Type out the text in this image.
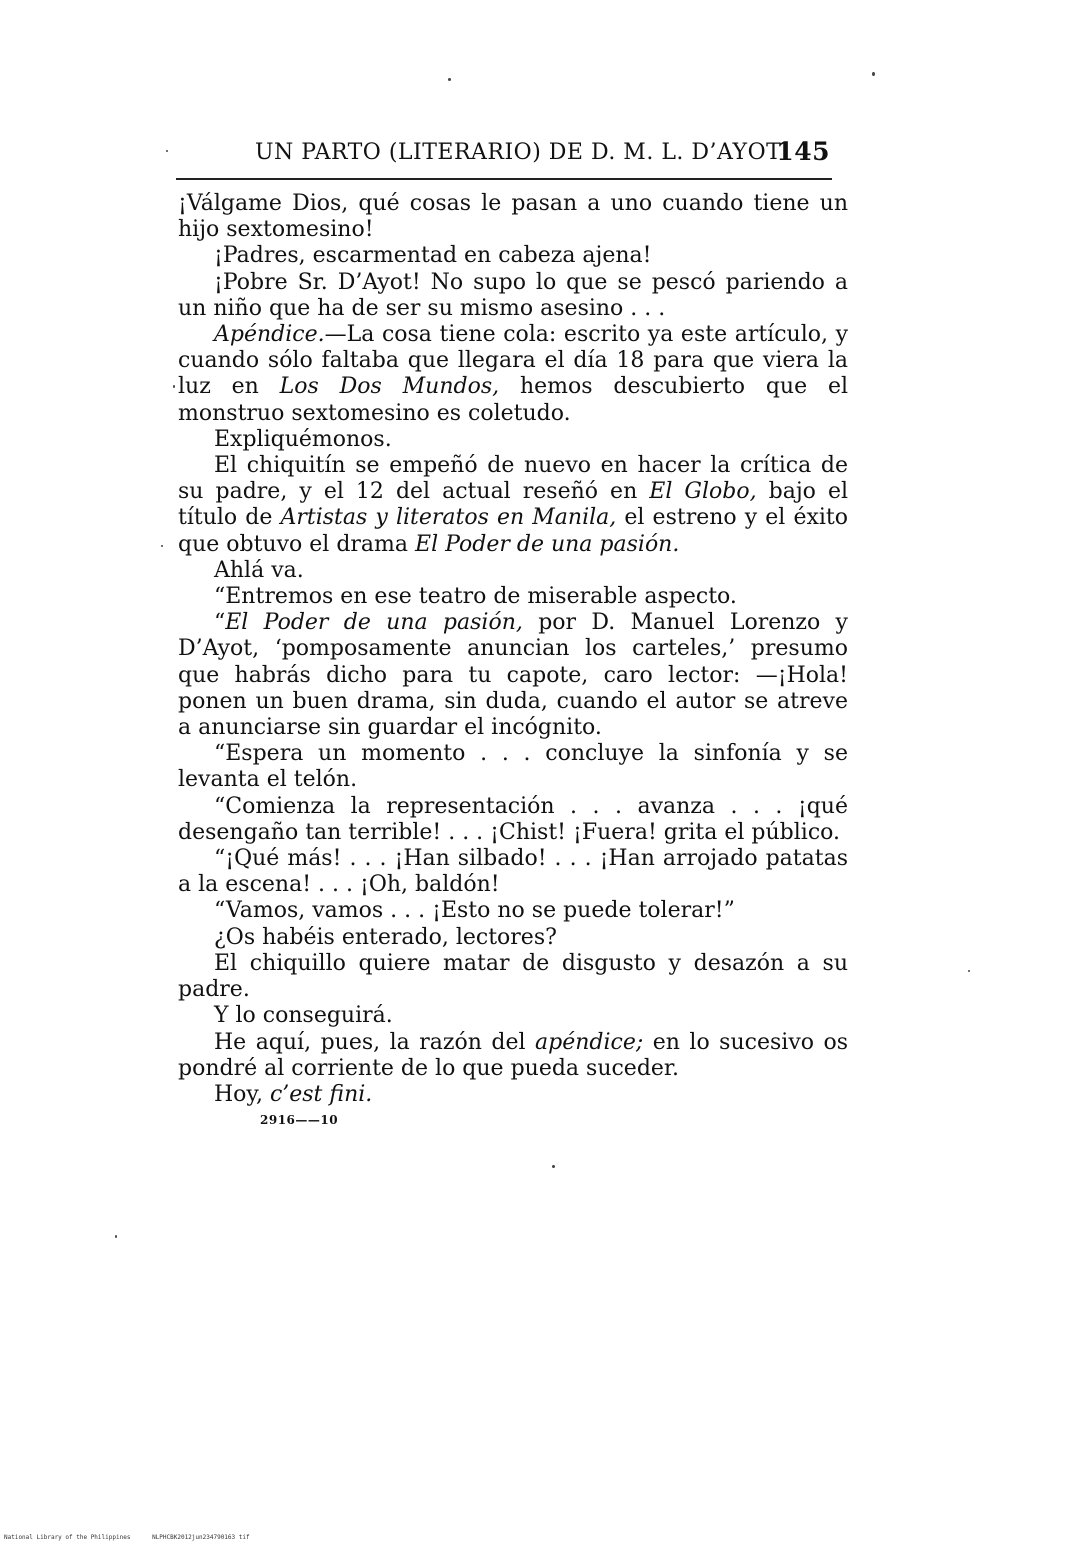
UN PARTO (LITERARIO) DE D. M. L. D’AYOT
145

¡Válgame Dios, qué cosas le pasan a uno cuando tiene un hijo sextomesino!

¡Padres, escarmentad en cabeza ajena!

¡Pobre Sr. D’Ayot! No supo lo que se pescó pariendo a un niño que ha de ser su mismo asesino . . .

Apéndice.—La cosa tiene cola: escrito ya este artículo, y cuando sólo faltaba que llegara el día 18 para que viera la luz en Los Dos Mundos, hemos descubierto que el monstruo sextomesino es coletudo.

Expliquémonos.

El chiquitín se empeñó de nuevo en hacer la crítica de su padre, y el 12 del actual reseñó en El Globo, bajo el título de Artistas y literatos en Manila, el estreno y el éxito que obtuvo el drama El Poder de una pasión.

Ahlá va.

“Entremos en ese teatro de miserable aspecto.

“El Poder de una pasión, por D. Manuel Lorenzo y D’Ayot, ‘pomposamente anuncian los carteles,’ presumo que habrás dicho para tu capote, caro lector: —¡Hola! ponen un buen drama, sin duda, cuando el autor se atreve a anunciarse sin guardar el incógnito.

“Espera un momento . . . concluye la sinfonía y se levanta el telón.

“Comienza la representación . . . avanza . . . ¡qué desengaño tan terrible! . . . ¡Chist! ¡Fuera! grita el público.

“¡Qué más! . . . ¡Han silbado! . . . ¡Han arrojado patatas a la escena! . . . ¡Oh, baldón!

“Vamos, vamos . . . ¡Esto no se puede tolerar!”

¿Os habéis enterado, lectores?

El chiquillo quiere matar de disgusto y desazón a su padre.

Y lo conseguirá.

He aquí, pues, la razón del apéndice; en lo sucesivo os pondré al corriente de lo que pueda suceder.

Hoy, c’est fini.

2916——10
National Library of the Philippines	NLPHCBK2012jun234790163 tif
